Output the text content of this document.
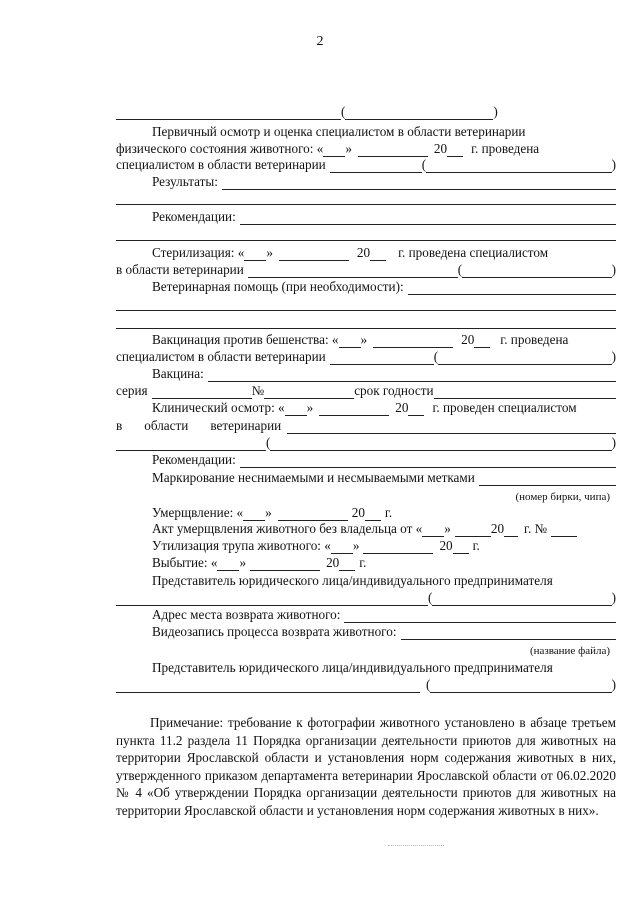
2
(	)
Первичный осмотр и оценка специалистом в области ветеринарии
физического состояния животного: « »	20 г. проведена
специалистом в области ветеринарии	(	)
Результаты:
Рекомендации:
Стерилизация: « »	20 г. проведена специалистом
в области ветеринарии	(	)
Ветеринарная помощь (при необходимости):
Вакцинация против бешенства: « »	20 г. проведена
специалистом в области ветеринарии	(	)
Вакцина:
серия	№	срок годности
Клинический осмотр: « »	20 г. проведен специалистом
в области ветеринарии
(	)
Рекомендации:
Маркирование неснимаемыми и несмываемыми метками
(номер бирки, чипа)
Умерщвление: « »	20 г.
Акт умерщвления животного без владельца от « »	20 г. №
Утилизация трупа животного: « »	20 г.
Выбытие: « »	20 г.
Представитель юридического лица/индивидуального предпринимателя
(	)
Адрес места возврата животного:
Видеозапись процесса возврата животного:
(название файла)
Представитель юридического лица/индивидуального предпринимателя
(	)

Примечание: требование к фотографии животного установлено в абзаце третьем пункта 11.2 раздела 11 Порядка организации деятельности приютов для животных на территории Ярославской области и установления норм содержания животных в них, утвержденного приказом департамента ветеринарии Ярославской области от 06.02.2020 № 4 «Об утверждении Порядка организации деятельности приютов для животных на территории Ярославской области и установления норм содержания животных в них».
